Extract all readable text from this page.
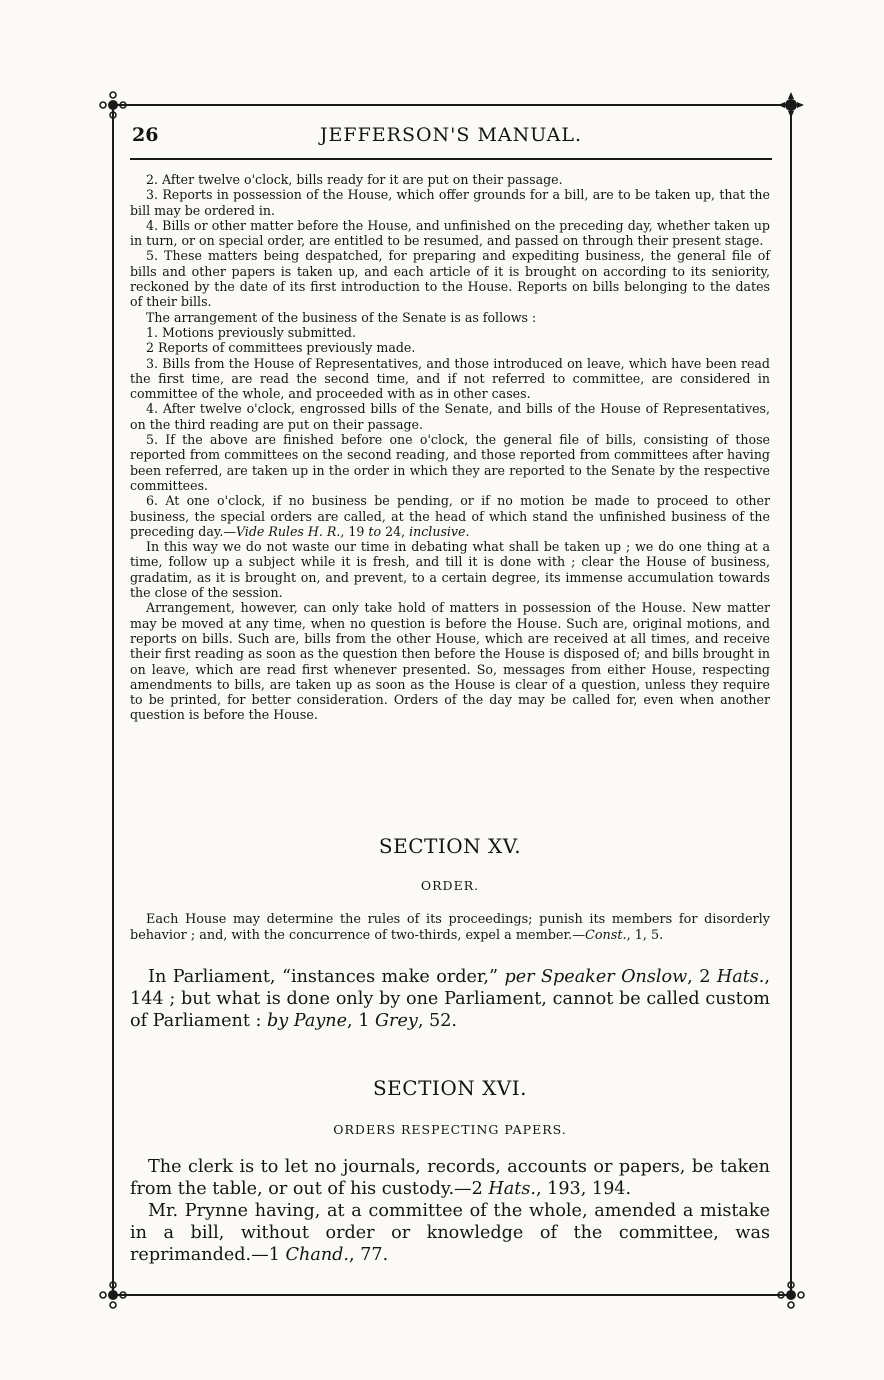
26	JEFFERSON'S MANUAL.

2. After twelve o'clock, bills ready for it are put on their passage.

3. Reports in possession of the House, which offer grounds for a bill, are to be taken up, that the bill may be ordered in.

4. Bills or other matter before the House, and unfinished on the preceding day, whether taken up in turn, or on special order, are entitled to be resumed, and passed on through their present stage.

5. These matters being despatched, for preparing and expediting business, the general file of bills and other papers is taken up, and each article of it is brought on according to its seniority, reckoned by the date of its first introduction to the House. Reports on bills belonging to the dates of their bills.

The arrangement of the business of the Senate is as follows :

1. Motions previously submitted.

2 Reports of committees previously made.

3. Bills from the House of Representatives, and those introduced on leave, which have been read the first time, are read the second time, and if not referred to committee, are considered in committee of the whole, and proceeded with as in other cases.

4. After twelve o'clock, engrossed bills of the Senate, and bills of the House of Representatives, on the third reading are put on their passage.

5. If the above are finished before one o'clock, the general file of bills, consisting of those reported from committees on the second reading, and those reported from committees after having been referred, are taken up in the order in which they are reported to the Senate by the respective committees.

6. At one o'clock, if no business be pending, or if no motion be made to proceed to other business, the special orders are called, at the head of which stand the unfinished business of the preceding day.—Vide Rules H. R., 19 to 24, inclusive.

In this way we do not waste our time in debating what shall be taken up ; we do one thing at a time, follow up a subject while it is fresh, and till it is done with ; clear the House of business, gradatim, as it is brought on, and prevent, to a certain degree, its immense accumulation towards the close of the session.

Arrangement, however, can only take hold of matters in possession of the House. New matter may be moved at any time, when no question is before the House. Such are, original motions, and reports on bills. Such are, bills from the other House, which are received at all times, and receive their first reading as soon as the question then before the House is disposed of; and bills brought in on leave, which are read first whenever presented. So, messages from either House, respecting amendments to bills, are taken up as soon as the House is clear of a question, unless they require to be printed, for better consideration. Orders of the day may be called for, even when another question is before the House.

SECTION XV.
ORDER.
Each House may determine the rules of its proceedings; punish its members for disorderly behavior ; and, with the concurrence of two-thirds, expel a member.—Const., 1, 5.

In Parliament, “instances make order,” per Speaker Onslow, 2 Hats., 144 ; but what is done only by one Parliament, cannot be called custom of Parliament : by Payne, 1 Grey, 52.

SECTION XVI.
ORDERS RESPECTING PAPERS.

The clerk is to let no journals, records, accounts or papers, be taken from the table, or out of his custody.—2 Hats., 193, 194.

Mr. Prynne having, at a committee of the whole, amended a mistake in a bill, without order or knowledge of the committee, was reprimanded.—1 Chand., 77.
